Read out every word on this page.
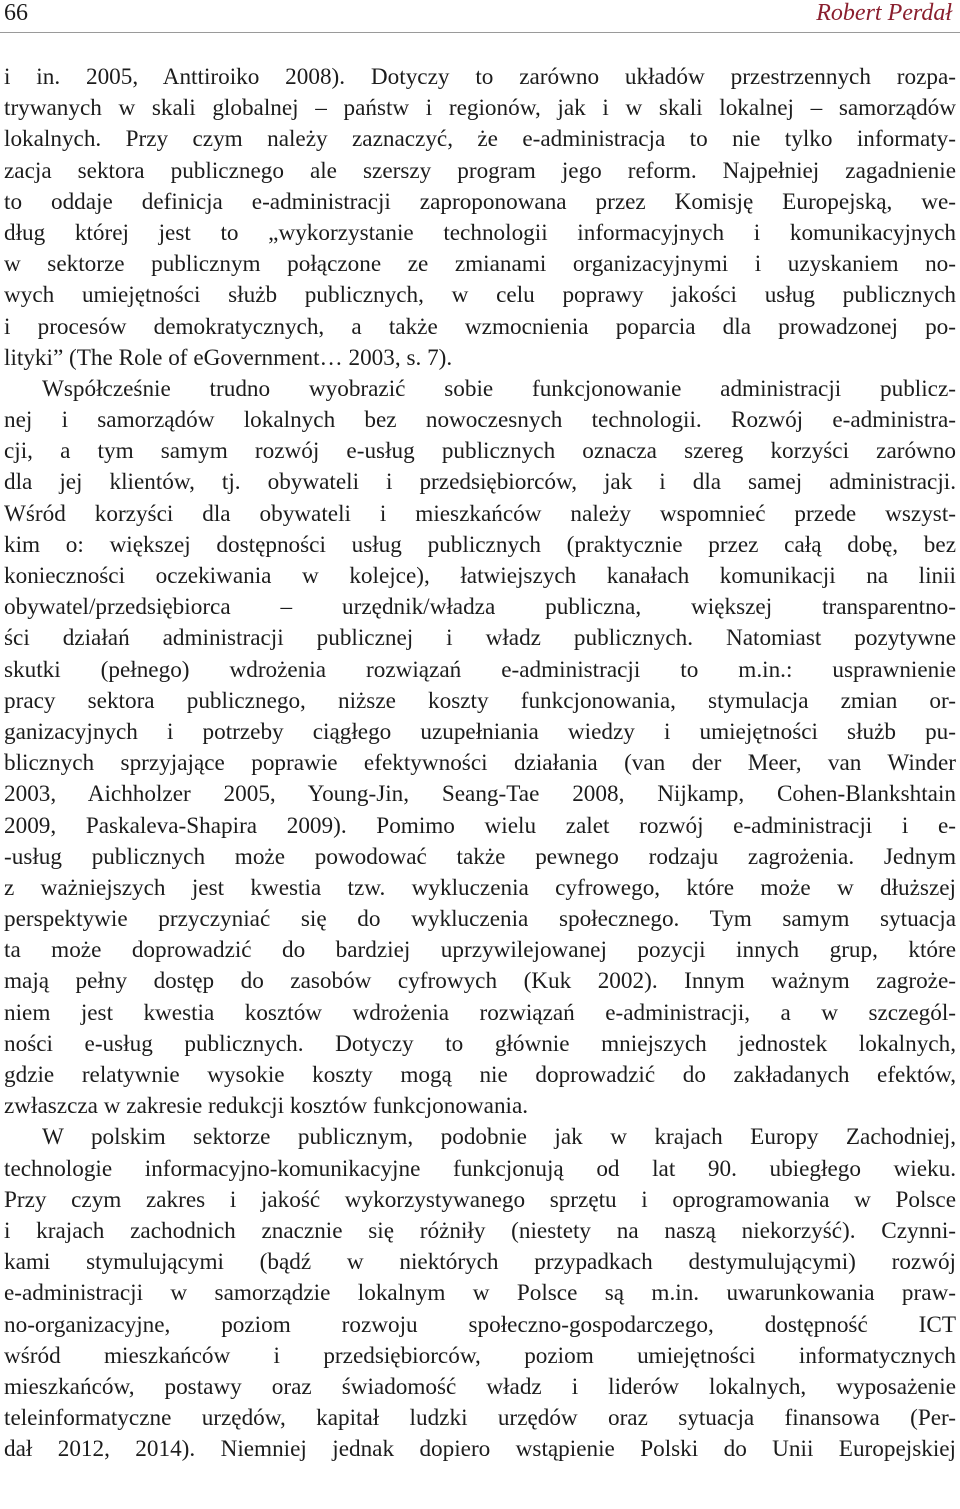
66	Robert Perdał
i in. 2005, Anttiroiko 2008). Dotyczy to zarówno układów przestrzennych rozpa-
trywanych w skali globalnej – państw i regionów, jak i w skali lokalnej – samorządów
lokalnych. Przy czym należy zaznaczyć, że e-administracja to nie tylko informaty-
zacja sektora publicznego ale szerszy program jego reform. Najpełniej zagadnienie
to oddaje definicja e-administracji zaproponowana przez Komisję Europejską, we-
dług której jest to „wykorzystanie technologii informacyjnych i komunikacyjnych
w sektorze publicznym połączone ze zmianami organizacyjnymi i uzyskaniem no-
wych umiejętności służb publicznych, w celu poprawy jakości usług publicznych
i procesów demokratycznych, a także wzmocnienia poparcia dla prowadzonej po-
lityki” (The Role of eGovernment… 2003, s. 7).
Współcześnie trudno wyobrazić sobie funkcjonowanie administracji publicz-
nej i samorządów lokalnych bez nowoczesnych technologii. Rozwój e-administra-
cji, a tym samym rozwój e-usług publicznych oznacza szereg korzyści zarówno
dla jej klientów, tj. obywateli i przedsiębiorców, jak i dla samej administracji.
Wśród korzyści dla obywateli i mieszkańców należy wspomnieć przede wszyst-
kim o: większej dostępności usług publicznych (praktycznie przez całą dobę, bez
konieczności oczekiwania w kolejce), łatwiejszych kanałach komunikacji na linii
obywatel/przedsiębiorca – urzędnik/władza publiczna, większej transparentno-
ści działań administracji publicznej i władz publicznych. Natomiast pozytywne
skutki (pełnego) wdrożenia rozwiązań e-administracji to m.in.: usprawnienie
pracy sektora publicznego, niższe koszty funkcjonowania, stymulacja zmian or-
ganizacyjnych i potrzeby ciągłego uzupełniania wiedzy i umiejętności służb pu-
blicznych sprzyjające poprawie efektywności działania (van der Meer, van Winder
2003, Aichholzer 2005, Young-Jin, Seang-Tae 2008, Nijkamp, Cohen-Blankshtain
2009, Paskaleva-Shapira 2009). Pomimo wielu zalet rozwój e-administracji i e-
-usług publicznych może powodować także pewnego rodzaju zagrożenia. Jednym
z ważniejszych jest kwestia tzw. wykluczenia cyfrowego, które może w dłuższej
perspektywie przyczyniać się do wykluczenia społecznego. Tym samym sytuacja
ta może doprowadzić do bardziej uprzywilejowanej pozycji innych grup, które
mają pełny dostęp do zasobów cyfrowych (Kuk 2002). Innym ważnym zagroże-
niem jest kwestia kosztów wdrożenia rozwiązań e-administracji, a w szczegól-
ności e-usług publicznych. Dotyczy to głównie mniejszych jednostek lokalnych,
gdzie relatywnie wysokie koszty mogą nie doprowadzić do zakładanych efektów,
zwłaszcza w zakresie redukcji kosztów funkcjonowania.
W polskim sektorze publicznym, podobnie jak w krajach Europy Zachodniej,
technologie informacyjno-komunikacyjne funkcjonują od lat 90. ubiegłego wieku.
Przy czym zakres i jakość wykorzystywanego sprzętu i oprogramowania w Polsce
i krajach zachodnich znacznie się różniły (niestety na naszą niekorzyść). Czynni-
kami stymulującymi (bądź w niektórych przypadkach destymulującymi) rozwój
e-administracji w samorządzie lokalnym w Polsce są m.in. uwarunkowania praw-
no-organizacyjne, poziom rozwoju społeczno-gospodarczego, dostępność ICT
wśród mieszkańców i przedsiębiorców, poziom umiejętności informatycznych
mieszkańców, postawy oraz świadomość władz i liderów lokalnych, wyposażenie
teleinformatyczne urzędów, kapitał ludzki urzędów oraz sytuacja finansowa (Per-
dał 2012, 2014). Niemniej jednak dopiero wstąpienie Polski do Unii Europejskiej
